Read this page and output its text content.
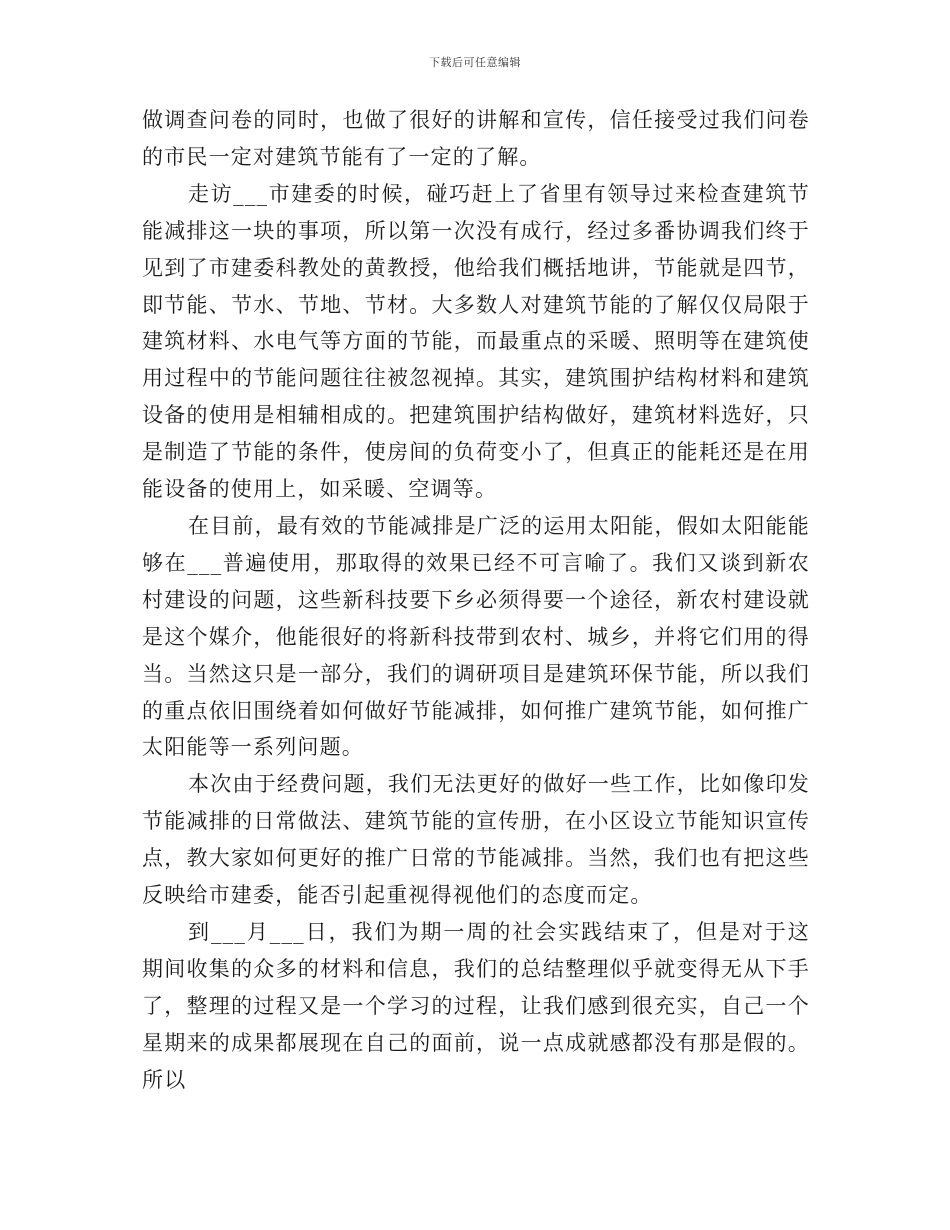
下载后可任意编辑

做调查问卷的同时，也做了很好的讲解和宣传，信任接受过我们问卷的市民一定对建筑节能有了一定的了解。

走访___市建委的时候，碰巧赶上了省里有领导过来检查建筑节能减排这一块的事项，所以第一次没有成行，经过多番协调我们终于见到了市建委科教处的黄教授，他给我们概括地讲，节能就是四节，即节能、节水、节地、节材。大多数人对建筑节能的了解仅仅局限于建筑材料、水电气等方面的节能，而最重点的采暖、照明等在建筑使用过程中的节能问题往往被忽视掉。其实，建筑围护结构材料和建筑设备的使用是相辅相成的。把建筑围护结构做好，建筑材料选好，只是制造了节能的条件，使房间的负荷变小了，但真正的能耗还是在用能设备的使用上，如采暖、空调等。

在目前，最有效的节能减排是广泛的运用太阳能，假如太阳能能够在___普遍使用，那取得的效果已经不可言喻了。我们又谈到新农村建设的问题，这些新科技要下乡必须得要一个途径，新农村建设就是这个媒介，他能很好的将新科技带到农村、城乡，并将它们用的得当。当然这只是一部分，我们的调研项目是建筑环保节能，所以我们的重点依旧围绕着如何做好节能减排，如何推广建筑节能，如何推广太阳能等一系列问题。

本次由于经费问题，我们无法更好的做好一些工作，比如像印发节能减排的日常做法、建筑节能的宣传册，在小区设立节能知识宣传点，教大家如何更好的推广日常的节能减排。当然，我们也有把这些反映给市建委，能否引起重视得视他们的态度而定。

到___月___日，我们为期一周的社会实践结束了，但是对于这期间收集的众多的材料和信息，我们的总结整理似乎就变得无从下手了，整理的过程又是一个学习的过程，让我们感到很充实，自己一个星期来的成果都展现在自己的面前，说一点成就感都没有那是假的。所以
